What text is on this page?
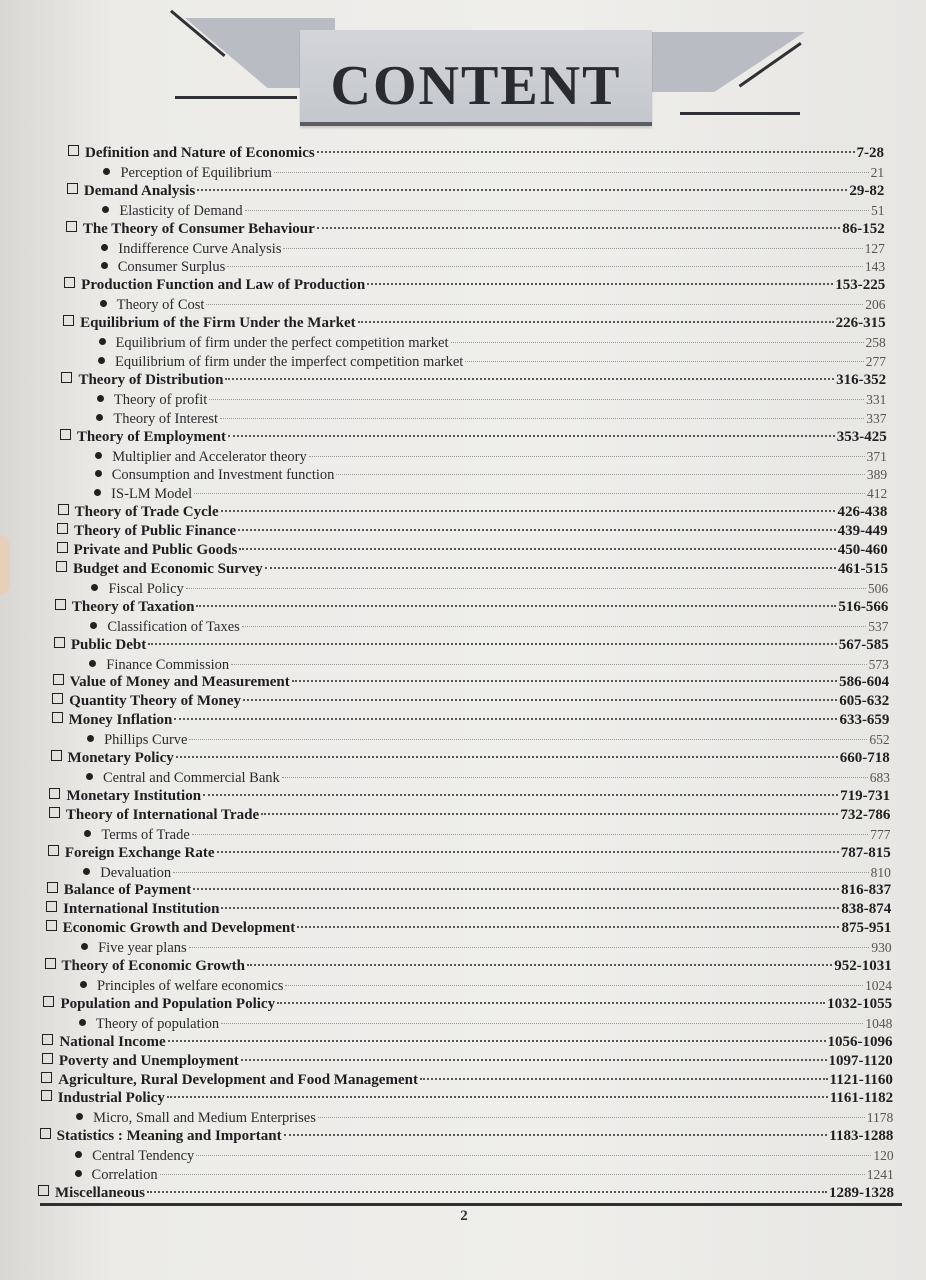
CONTENT
Definition and Nature of Economics	7-28
Perception of Equilibrium	21
Demand Analysis	29-82
Elasticity of Demand	51
The Theory of Consumer Behaviour	86-152
Indifference Curve Analysis	127
Consumer Surplus	143
Production Function and Law of Production	153-225
Theory of Cost	206
Equilibrium of the Firm Under the Market	226-315
Equilibrium of firm under the perfect competition market	258
Equilibrium of firm under the imperfect competition market	277
Theory of Distribution	316-352
Theory of profit	331
Theory of Interest	337
Theory of Employment	353-425
Multiplier and Accelerator theory	371
Consumption and Investment function	389
IS-LM Model	412
Theory of Trade Cycle	426-438
Theory of Public Finance	439-449
Private and Public Goods	450-460
Budget and Economic Survey	461-515
Fiscal Policy	506
Theory of Taxation	516-566
Classification of Taxes	537
Public Debt	567-585
Finance Commission	573
Value of Money and Measurement	586-604
Quantity Theory of Money	605-632
Money Inflation	633-659
Phillips Curve	652
Monetary Policy	660-718
Central and Commercial Bank	683
Monetary Institution	719-731
Theory of International Trade	732-786
Terms of Trade	777
Foreign Exchange Rate	787-815
Devaluation	810
Balance of Payment	816-837
International Institution	838-874
Economic Growth and Development	875-951
Five year plans	930
Theory of Economic Growth	952-1031
Principles of welfare economics	1024
Population and Population Policy	1032-1055
Theory of population	1048
National Income	1056-1096
Poverty and Unemployment	1097-1120
Agriculture, Rural Development and Food Management	1121-1160
Industrial Policy	1161-1182
Micro, Small and Medium Enterprises	1178
Statistics : Meaning and Important	1183-1288
Central Tendency	120
Correlation	1241
Miscellaneous	1289-1328
2
